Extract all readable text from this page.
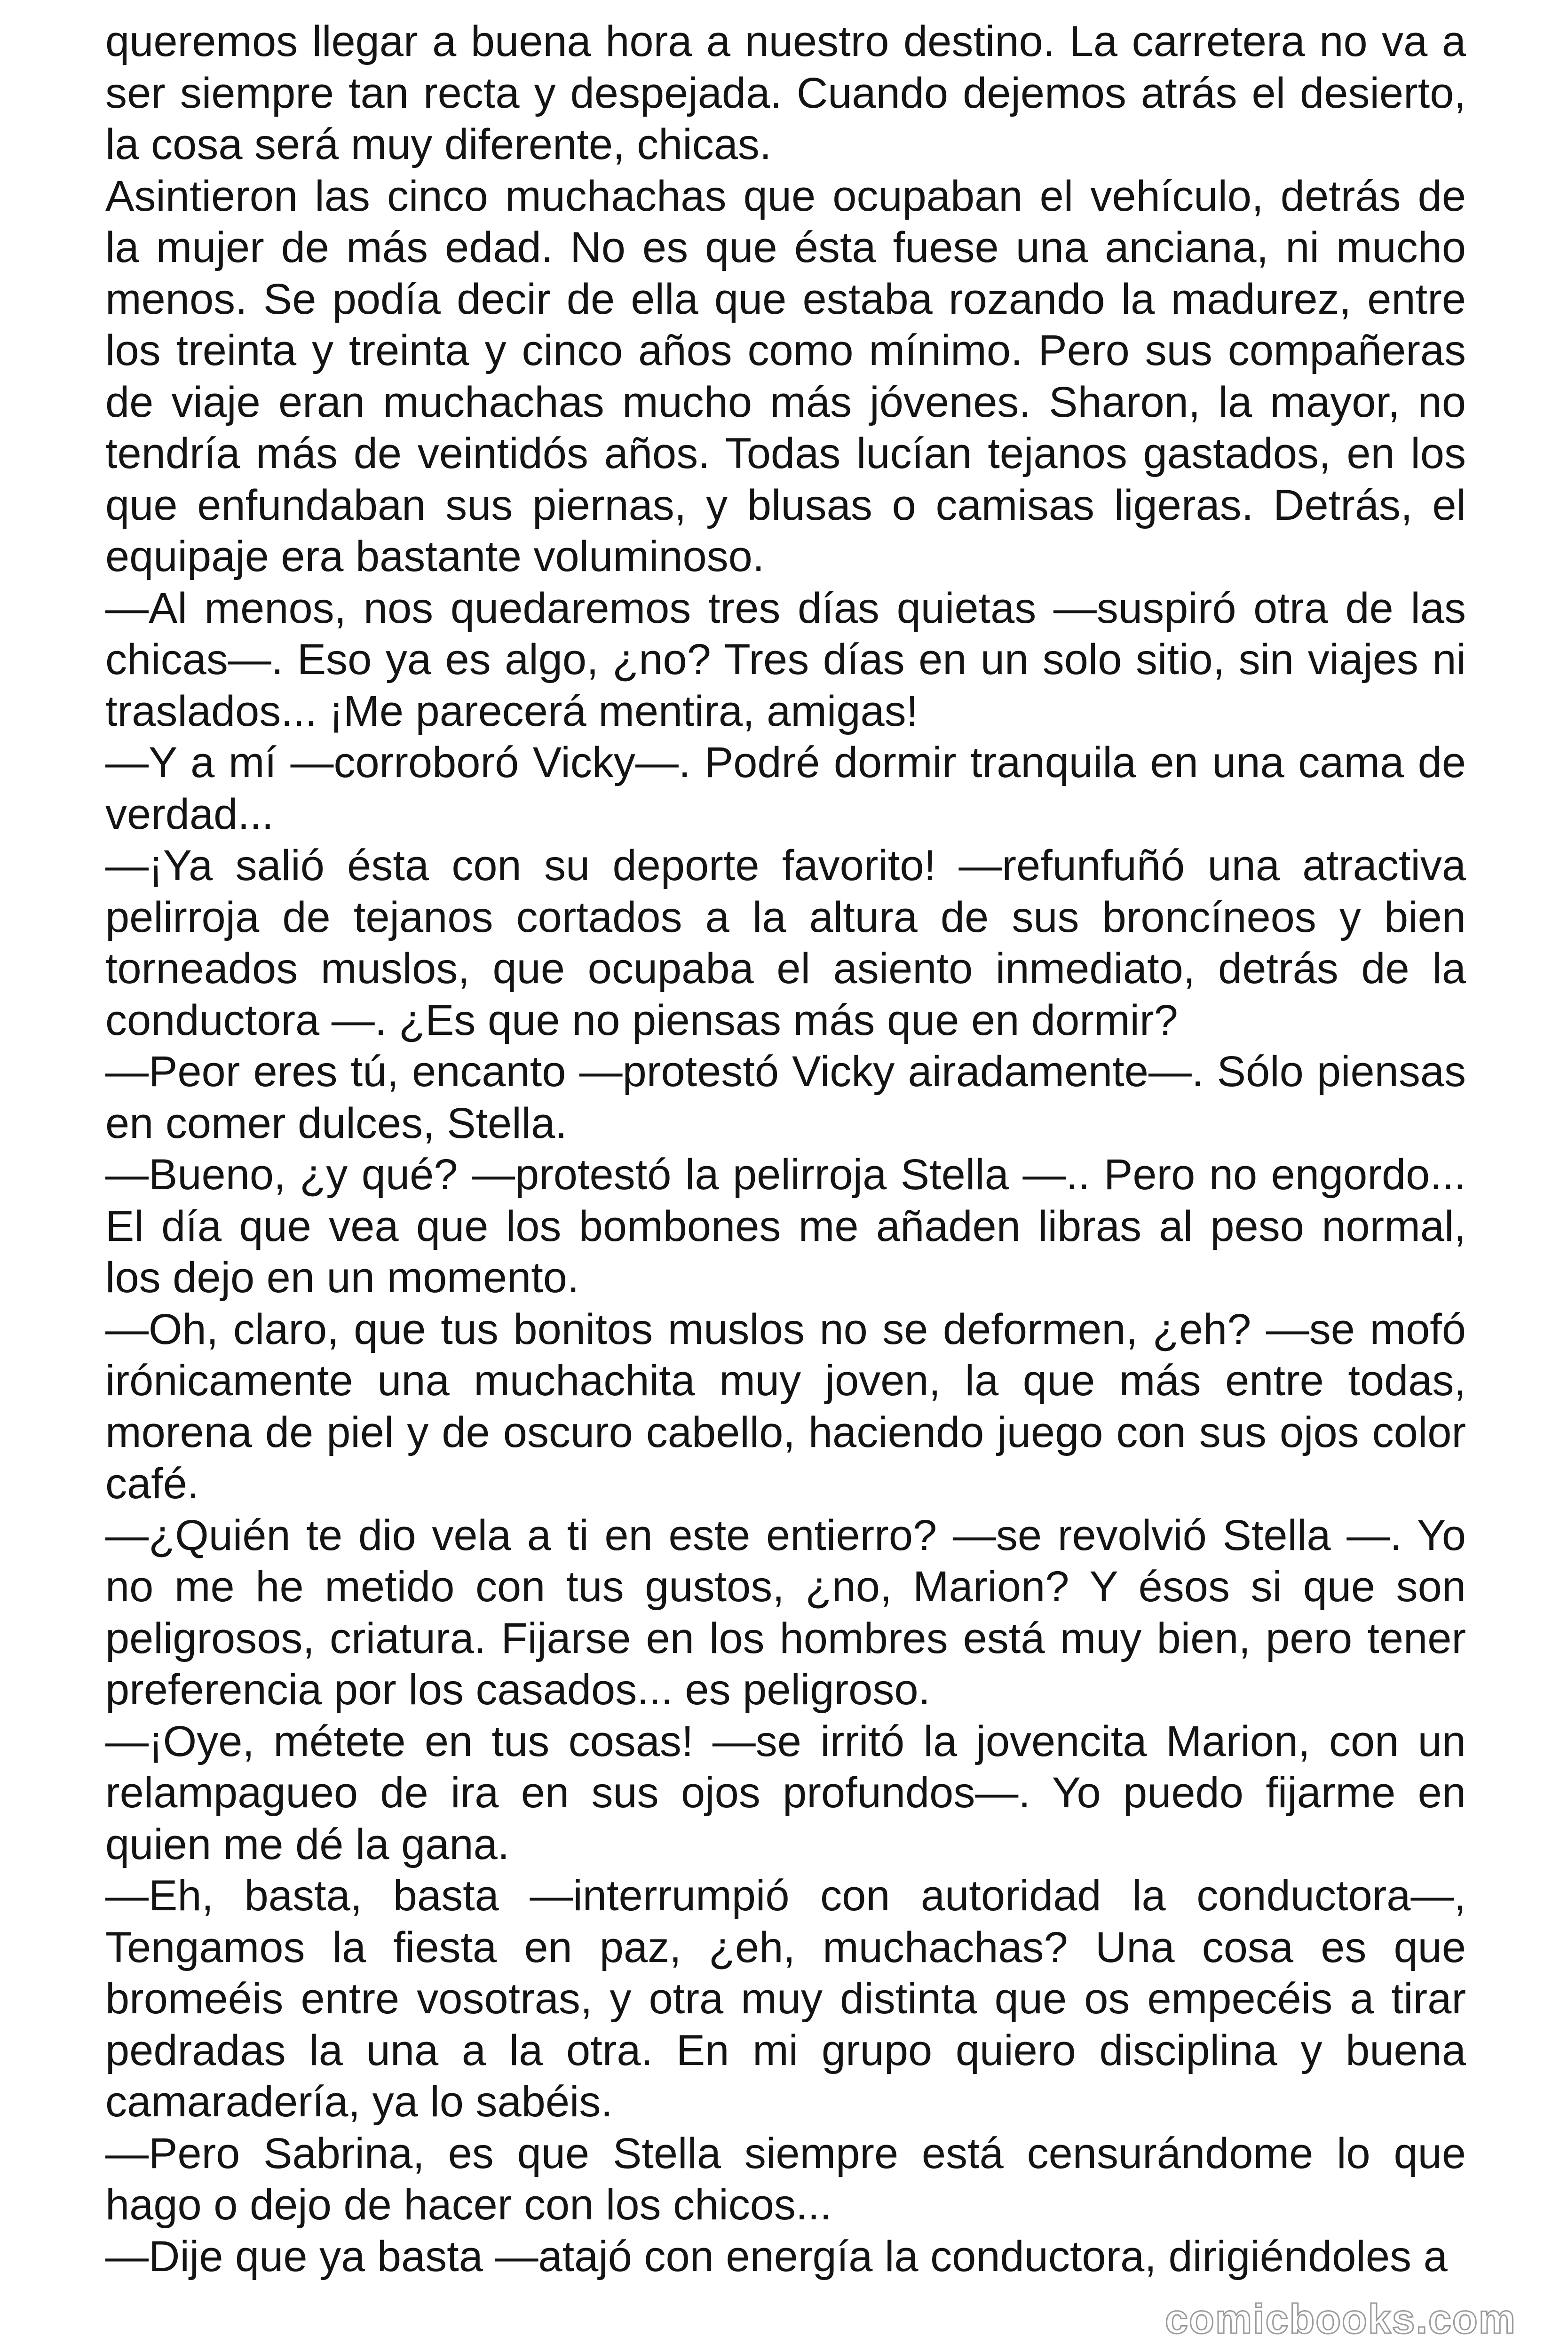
queremos llegar a buena hora a nuestro destino. La carretera no va a ser siempre tan recta y despejada. Cuando dejemos atrás el desierto, la cosa será muy diferente, chicas.

Asintieron las cinco muchachas que ocupaban el vehículo, detrás de la mujer de más edad. No es que ésta fuese una anciana, ni mucho menos. Se podía decir de ella que estaba rozando la madurez, entre los treinta y treinta y cinco años como mínimo. Pero sus compañeras de viaje eran muchachas mucho más jóvenes. Sharon, la mayor, no tendría más de veintidós años. Todas lucían tejanos gastados, en los que enfundaban sus piernas, y blusas o camisas ligeras. Detrás, el equipaje era bastante voluminoso.

—Al menos, nos quedaremos tres días quietas —suspiró otra de las chicas—. Eso ya es algo, ¿no? Tres días en un solo sitio, sin viajes ni traslados... ¡Me parecerá mentira, amigas!

—Y a mí —corroboró Vicky—. Podré dormir tranquila en una cama de verdad...

—¡Ya salió ésta con su deporte favorito! —refunfuñó una atractiva pelirroja de tejanos cortados a la altura de sus broncíneos y bien torneados muslos, que ocupaba el asiento inmediato, detrás de la conductora —. ¿Es que no piensas más que en dormir?

—Peor eres tú, encanto —protestó Vicky airadamente—. Sólo piensas en comer dulces, Stella.

—Bueno, ¿y qué? —protestó la pelirroja Stella —.. Pero no engordo... El día que vea que los bombones me añaden libras al peso normal, los dejo en un momento.

—Oh, claro, que tus bonitos muslos no se deformen, ¿eh? —se mofó irónicamente una muchachita muy joven, la que más entre todas, morena de piel y de oscuro cabello, haciendo juego con sus ojos color café.

—¿Quién te dio vela a ti en este entierro? —se revolvió Stella —. Yo no me he metido con tus gustos, ¿no, Marion? Y ésos si que son peligrosos, criatura. Fijarse en los hombres está muy bien, pero tener preferencia por los casados... es peligroso.

—¡Oye, métete en tus cosas! —se irritó la jovencita Marion, con un relampagueo de ira en sus ojos profundos—. Yo puedo fijarme en quien me dé la gana.

—Eh, basta, basta —interrumpió con autoridad la conductora—, Tengamos la fiesta en paz, ¿eh, muchachas? Una cosa es que bromeéis entre vosotras, y otra muy distinta que os empecéis a tirar pedradas la una a la otra. En mi grupo quiero disciplina y buena camaradería, ya lo sabéis.

—Pero Sabrina, es que Stella siempre está censurándome lo que hago o dejo de hacer con los chicos...

—Dije que ya basta —atajó con energía la conductora, dirigiéndoles a

comicbooks.com
